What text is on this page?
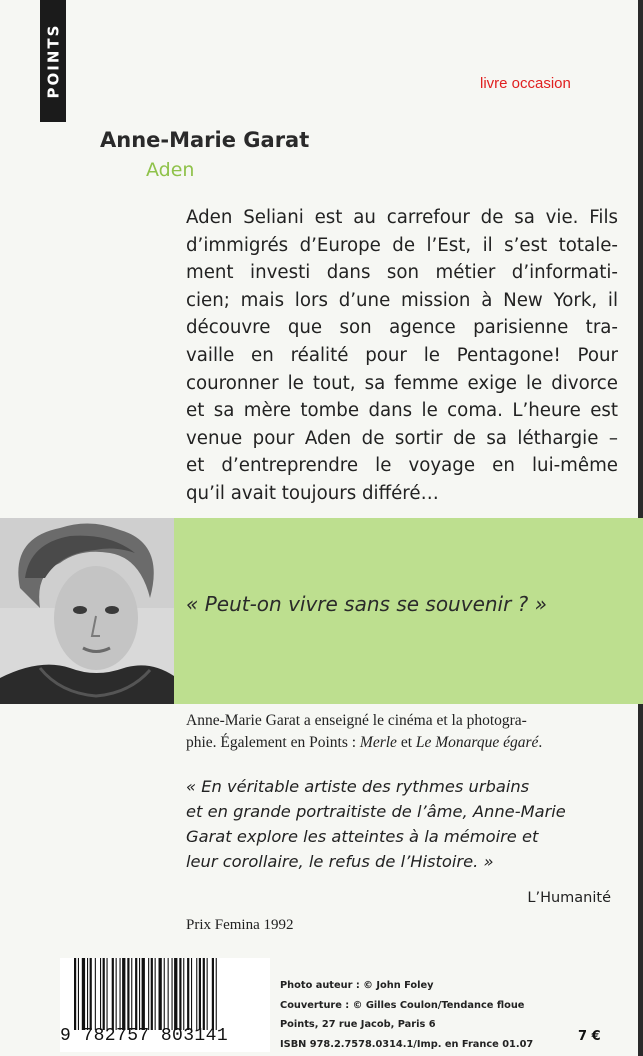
POINTS	livre occasion
Anne-Marie Garat
Aden
Aden Seliani est au carrefour de sa vie. Fils
d’immigrés d’Europe de l’Est, il s’est totale-
ment investi dans son métier d’informati-
cien; mais lors d’une mission à New York, il
découvre que son agence parisienne tra-
vaille en réalité pour le Pentagone! Pour
couronner le tout, sa femme exige le divorce
et sa mère tombe dans le coma. L’heure est
venue pour Aden de sortir de sa léthargie –
et d’entreprendre le voyage en lui-même
qu’il avait toujours différé…
« Peut-on vivre sans se souvenir ? »
Anne-Marie Garat a enseigné le cinéma et la photogra-
phie. Également en Points : Merle et Le Monarque égaré.
« En véritable artiste des rythmes urbains
et en grande portraitiste de l’âme, Anne-Marie
Garat explore les atteintes à la mémoire et
leur corollaire, le refus de l’Histoire. »
L’Humanité
Prix Femina 1992
9 782757 803141
Photo auteur : © John Foley
Couverture : © Gilles Coulon/Tendance floue
Points, 27 rue Jacob, Paris 6
ISBN 978.2.7578.0314.1/Imp. en France 01.07	7 €
